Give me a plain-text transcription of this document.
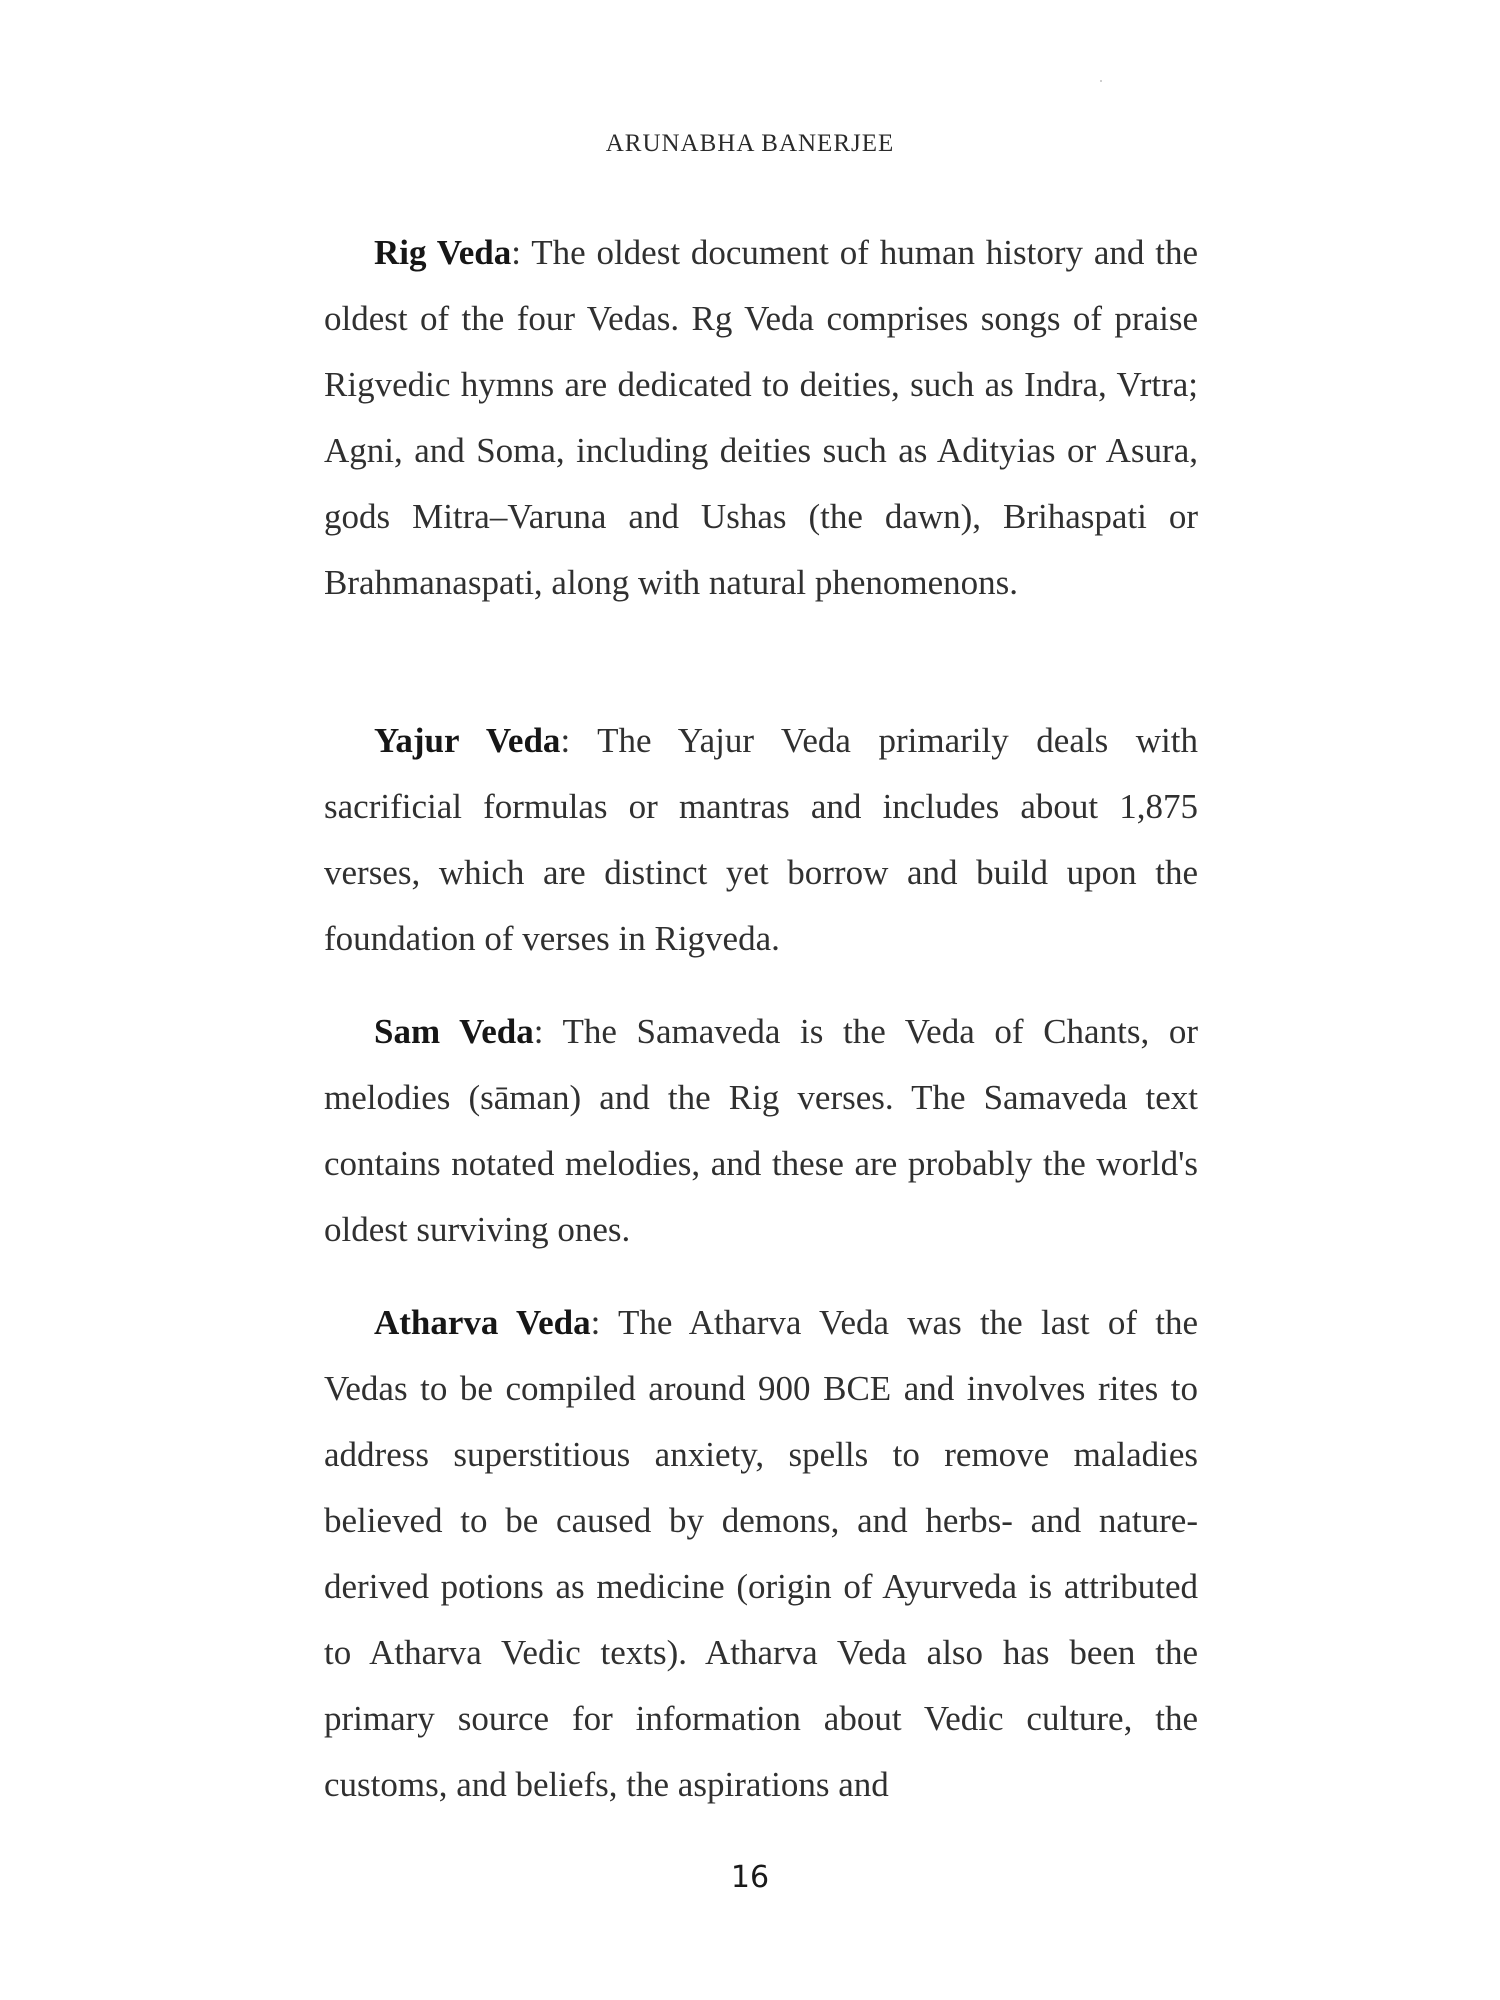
ARUNABHA BANERJEE

Rig Veda: The oldest document of human history and the oldest of the four Vedas. Rg Veda comprises songs of praise Rigvedic hymns are dedicated to deities, such as Indra, Vrtra; Agni, and Soma, including deities such as Adityias or Asura, gods Mitra–Varuna and Ushas (the dawn), Brihaspati or Brahmanaspati, along with natural phenomenons.

Yajur Veda: The Yajur Veda primarily deals with sacrificial formulas or mantras and includes about 1,875 verses, which are distinct yet borrow and build upon the foundation of verses in Rigveda.

Sam Veda: The Samaveda is the Veda of Chants, or melodies (sāman) and the Rig verses. The Samaveda text contains notated melodies, and these are probably the world's oldest surviving ones.

Atharva Veda: The Atharva Veda was the last of the Vedas to be compiled around 900 BCE and involves rites to address superstitious anxiety, spells to remove maladies believed to be caused by demons, and herbs- and nature-derived potions as medicine (origin of Ayurveda is attributed to Atharva Vedic texts). Atharva Veda also has been the primary source for information about Vedic culture, the customs, and beliefs, the aspirations and

16
